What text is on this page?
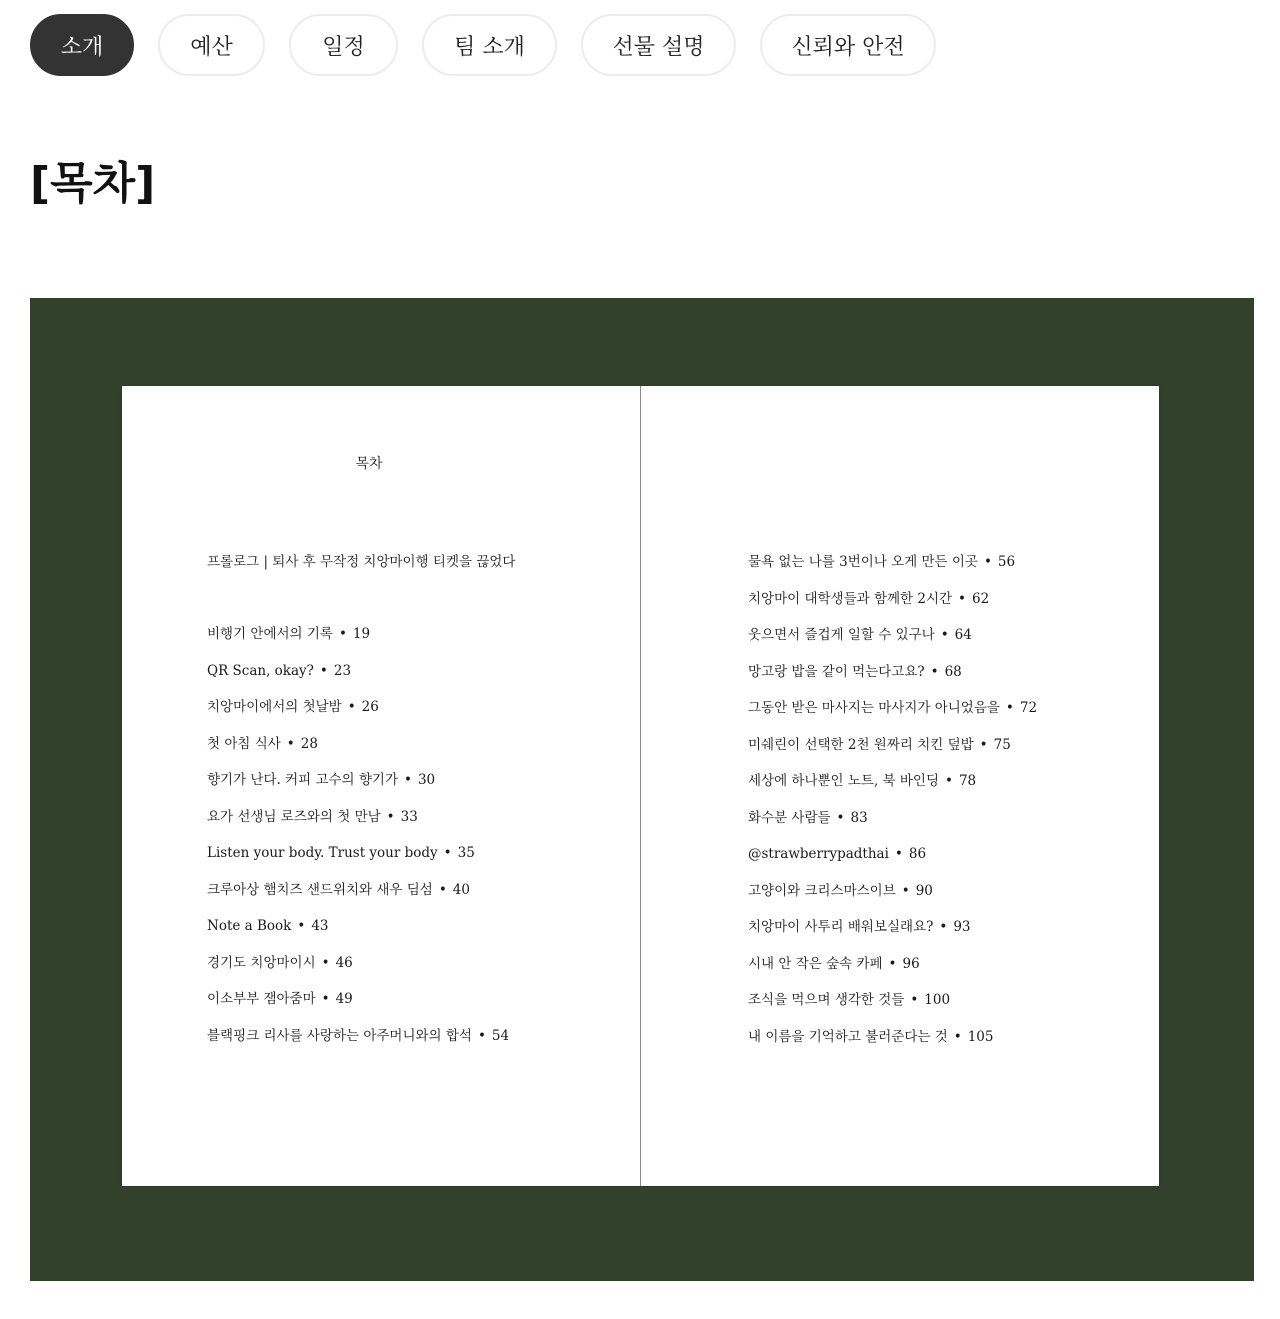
소개	예산	일정	팀 소개	선물 설명	신뢰와 안전
[목차]
목차
프롤로그 | 퇴사 후 무작정 치앙마이행 티켓을 끊었다
비행기 안에서의 기록 • 19
QR Scan, okay? • 23
치앙마이에서의 첫날밤 • 26
첫 아침 식사 • 28
향기가 난다. 커피 고수의 향기가 • 30
요가 선생님 로즈와의 첫 만남 • 33
Listen your body. Trust your body • 35
크루아상 햄치즈 샌드위치와 새우 딤섬 • 40
Note a Book • 43
경기도 치앙마이시 • 46
이소부부 잼아줌마 • 49
블랙핑크 리사를 사랑하는 아주머니와의 합석 • 54
물욕 없는 나를 3번이나 오게 만든 이곳 • 56
치앙마이 대학생들과 함께한 2시간 • 62
웃으면서 즐겁게 일할 수 있구나 • 64
망고랑 밥을 같이 먹는다고요? • 68
그동안 받은 마사지는 마사지가 아니었음을 • 72
미쉐린이 선택한 2천 원짜리 치킨 덮밥 • 75
세상에 하나뿐인 노트, 북 바인딩 • 78
화수분 사람들 • 83
@strawberrypadthai • 86
고양이와 크리스마스이브 • 90
치앙마이 사투리 배워보실래요? • 93
시내 안 작은 숲속 카페 • 96
조식을 먹으며 생각한 것들 • 100
내 이름을 기억하고 불러준다는 것 • 105
